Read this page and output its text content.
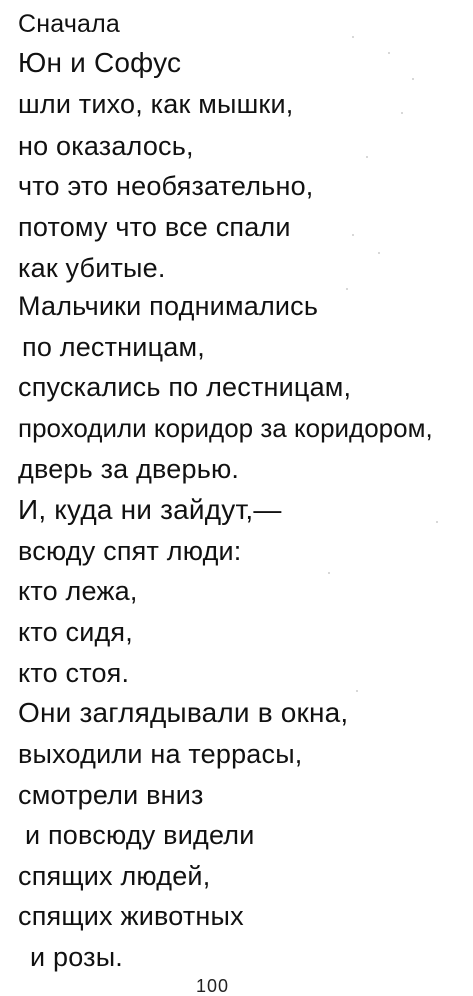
Сначала
Юн и Софус
шли тихо, как мышки,
но оказалось,
что это необязательно,
потому что все спали
как убитые.
Мальчики поднимались
по лестницам,
спускались по лестницам,
проходили коридор за коридором,
дверь за дверью.
И, куда ни зайдут,—
всюду спят люди:
кто лежа,
кто сидя,
кто стоя.
Они заглядывали в окна,
выходили на террасы,
смотрели вниз
и повсюду видели
спящих людей,
спящих животных
и розы.
100
